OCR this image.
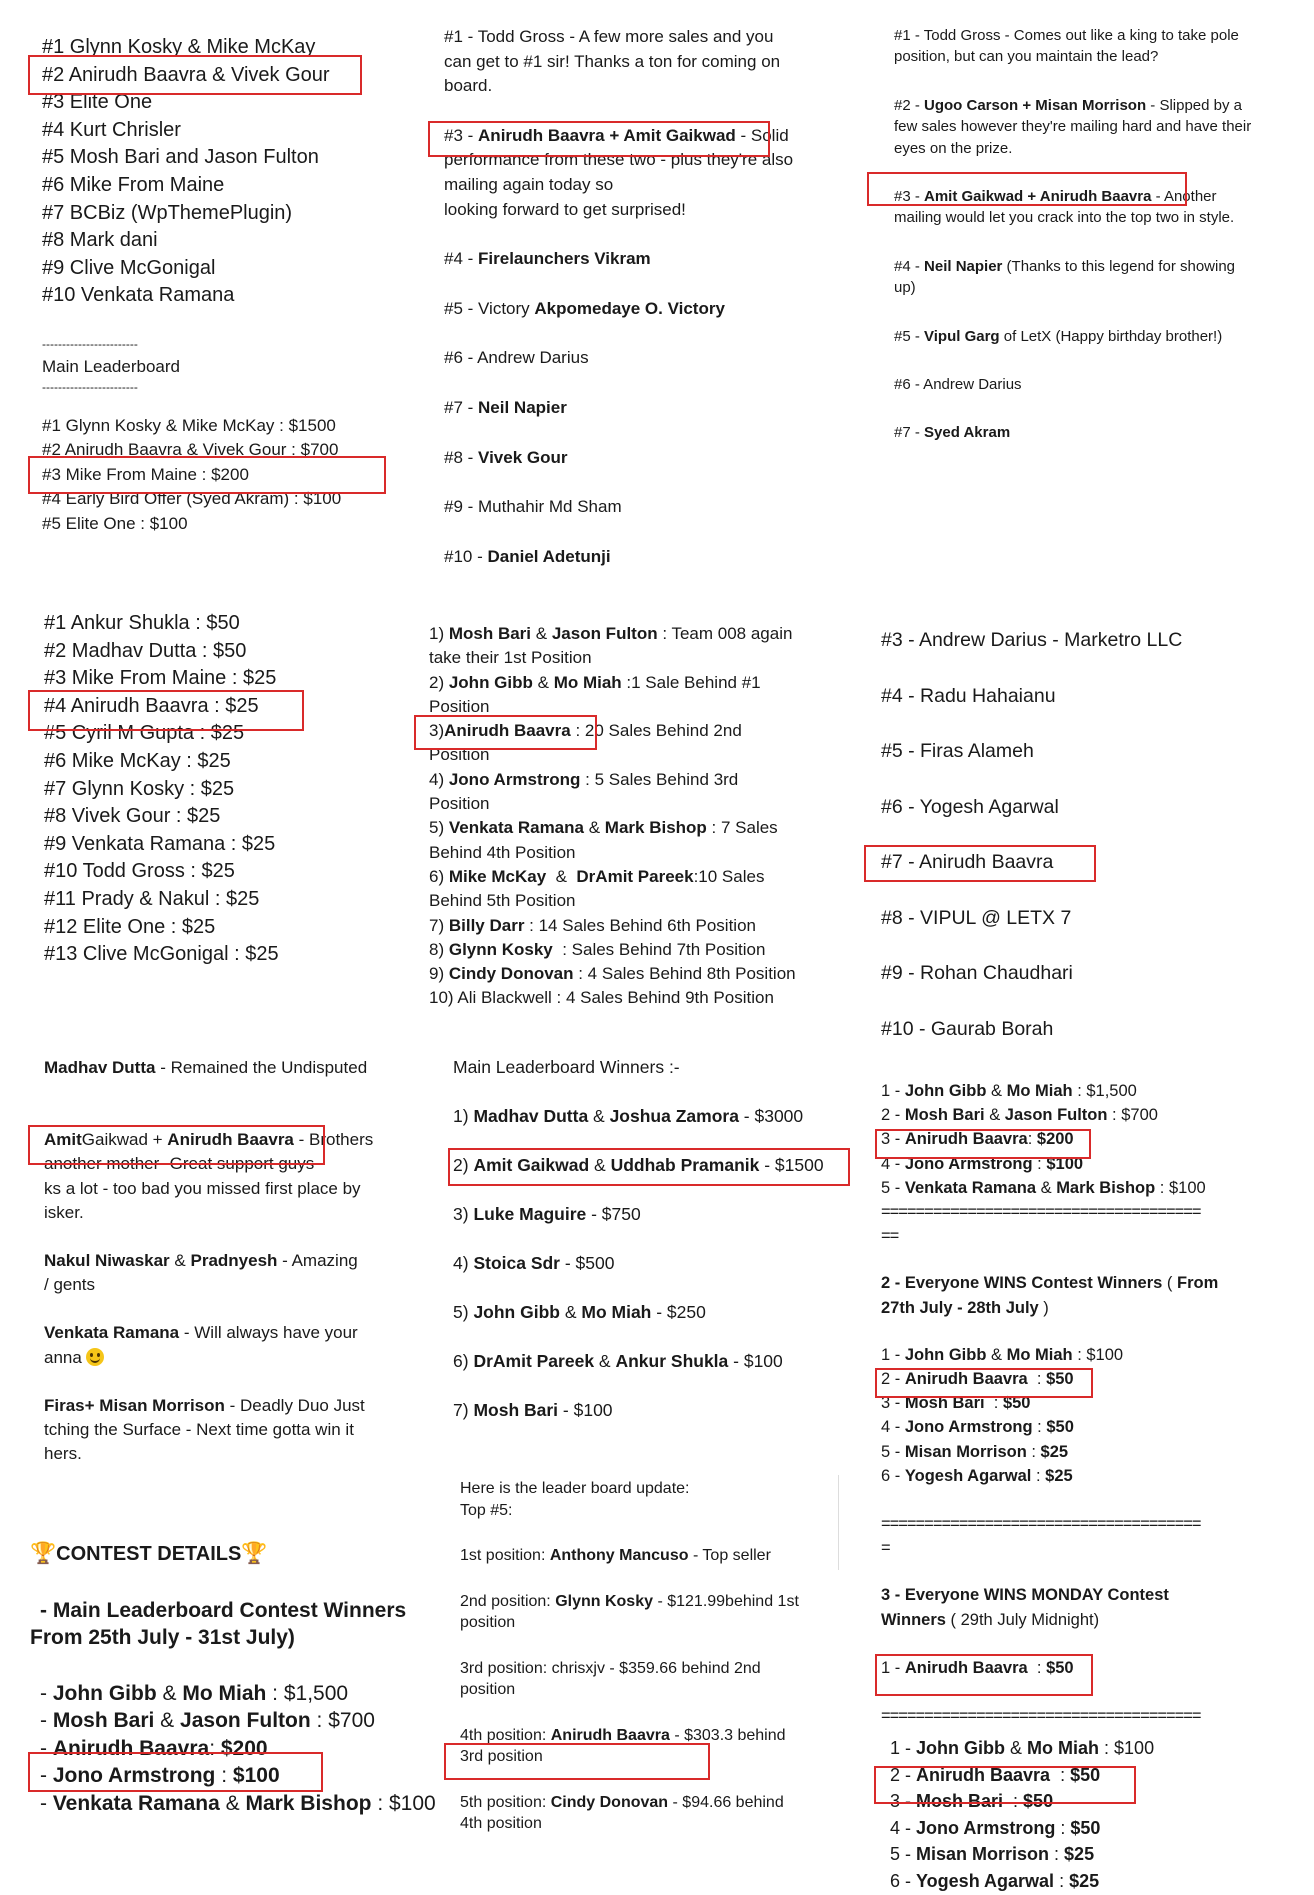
#1 Glynn Kosky & Mike McKay
#2 Anirudh Baavra & Vivek Gour
#3 Elite One
#4 Kurt Chrisler
#5 Mosh Bari and Jason Fulton
#6 Mike From Maine
#7 BCBiz (WpThemePlugin)
#8 Mark dani
#9 Clive McGonigal
#10 Venkata Ramana
------------------------
Main Leaderboard
------------------------
#1 Glynn Kosky & Mike McKay : $1500
#2 Anirudh Baavra & Vivek Gour : $700
#3 Mike From Maine : $200
#4 Early Bird Offer (Syed Akram) : $100
#5 Elite One : $100
#1 - Todd Gross - A few more sales and you
can get to #1 sir! Thanks a ton for coming on
board.
#3 - Anirudh Baavra + Amit Gaikwad - Solid
performance from these two - plus they're also
mailing again today so
looking forward to get surprised!
#4 - Firelaunchers Vikram
#5 - Victory Akpomedaye O. Victory
#6 - Andrew Darius
#7 - Neil Napier
#8 - Vivek Gour
#9 - Muthahir Md Sham
#10 - Daniel Adetunji

#1 - Todd Gross - Comes out like a king to take pole position, but can you maintain the lead?

#2 - Ugoo Carson + Misan Morrison - Slipped by a few sales however they're mailing hard and have their eyes on the prize.

#3 - Amit Gaikwad + Anirudh Baavra - Another mailing would let you crack into the top two in style.

#4 - Neil Napier (Thanks to this legend for showing up)

#5 - Vipul Garg of LetX (Happy birthday brother!)

#6 - Andrew Darius

#7 - Syed Akram

#1 Ankur Shukla : $50
#2 Madhav Dutta : $50
#3 Mike From Maine : $25
#4 Anirudh Baavra : $25
#5 Cyril M Gupta : $25
#6 Mike McKay : $25
#7 Glynn Kosky : $25
#8 Vivek Gour : $25
#9 Venkata Ramana : $25
#10 Todd Gross : $25
#11 Prady & Nakul : $25
#12 Elite One : $25
#13 Clive McGonigal : $25
1) Mosh Bari & Jason Fulton : Team 008 again
take their 1st Position
2) John Gibb & Mo Miah :1 Sale Behind #1
Position
3)Anirudh Baavra : 20 Sales Behind 2nd
Position
4) Jono Armstrong : 5 Sales Behind 3rd
Position
5) Venkata Ramana & Mark Bishop : 7 Sales
Behind 4th Position
6) Mike McKay  &  DrAmit Pareek:10 Sales
Behind 5th Position
7) Billy Darr : 14 Sales Behind 6th Position
8) Glynn Kosky  : Sales Behind 7th Position
9) Cindy Donovan : 4 Sales Behind 8th Position
10) Ali Blackwell : 4 Sales Behind 9th Position
#3 - Andrew Darius - Marketro LLC
#4 - Radu Hahaianu
#5 - Firas Alameh
#6 - Yogesh Agarwal
#7 - Anirudh Baavra
#8 - VIPUL @ LETX 7
#9 - Rohan Chaudhari
#10 - Gaurab Borah
Madhav Dutta - Remained the Undisputed
AmitGaikwad + Anirudh Baavra - Brothers
another mother- Great support guys -
ks a lot - too bad you missed first place by
isker.
Nakul Niwaskar & Pradnyesh - Amazing
/ gents
Venkata Ramana - Will always have your
anna
Firas+ Misan Morrison - Deadly Duo Just
tching the Surface - Next time gotta win it
hers.
Main Leaderboard Winners :-
1) Madhav Dutta & Joshua Zamora - $3000
2) Amit Gaikwad & Uddhab Pramanik - $1500
3) Luke Maguire - $750
4) Stoica Sdr - $500
5) John Gibb & Mo Miah - $250
6) DrAmit Pareek & Ankur Shukla - $100
7) Mosh Bari - $100
1 - John Gibb & Mo Miah : $1,500
2 - Mosh Bari & Jason Fulton : $700
3 - Anirudh Baavra: $200
4 - Jono Armstrong : $100
5 - Venkata Ramana & Mark Bishop : $100
=====================================
==
2 - Everyone WINS Contest Winners ( From
27th July - 28th July )
1 - John Gibb & Mo Miah : $100
2 - Anirudh Baavra  : $50
3 - Mosh Bari  : $50
4 - Jono Armstrong : $50
5 - Misan Morrison : $25
6 - Yogesh Agarwal : $25
=====================================
=
3 - Everyone WINS MONDAY Contest
Winners ( 29th July Midnight)
1 - Anirudh Baavra  : $50
=====================================
🏆CONTEST DETAILS🏆
- Main Leaderboard Contest Winners
From 25th July - 31st July)
- John Gibb & Mo Miah : $1,500
- Mosh Bari & Jason Fulton : $700
- Anirudh Baavra: $200
- Jono Armstrong : $100
- Venkata Ramana & Mark Bishop : $100
Here is the leader board update:
Top #5:
1st position: Anthony Mancuso - Top seller
2nd position: Glynn Kosky - $121.99behind 1st
position
3rd position: chrisxjv - $359.66 behind 2nd
position
4th position: Anirudh Baavra - $303.3 behind
3rd position
5th position: Cindy Donovan - $94.66 behind
4th position
1 - John Gibb & Mo Miah : $100
2 - Anirudh Baavra  : $50
3 - Mosh Bari  : $50
4 - Jono Armstrong : $50
5 - Misan Morrison : $25
6 - Yogesh Agarwal : $25
